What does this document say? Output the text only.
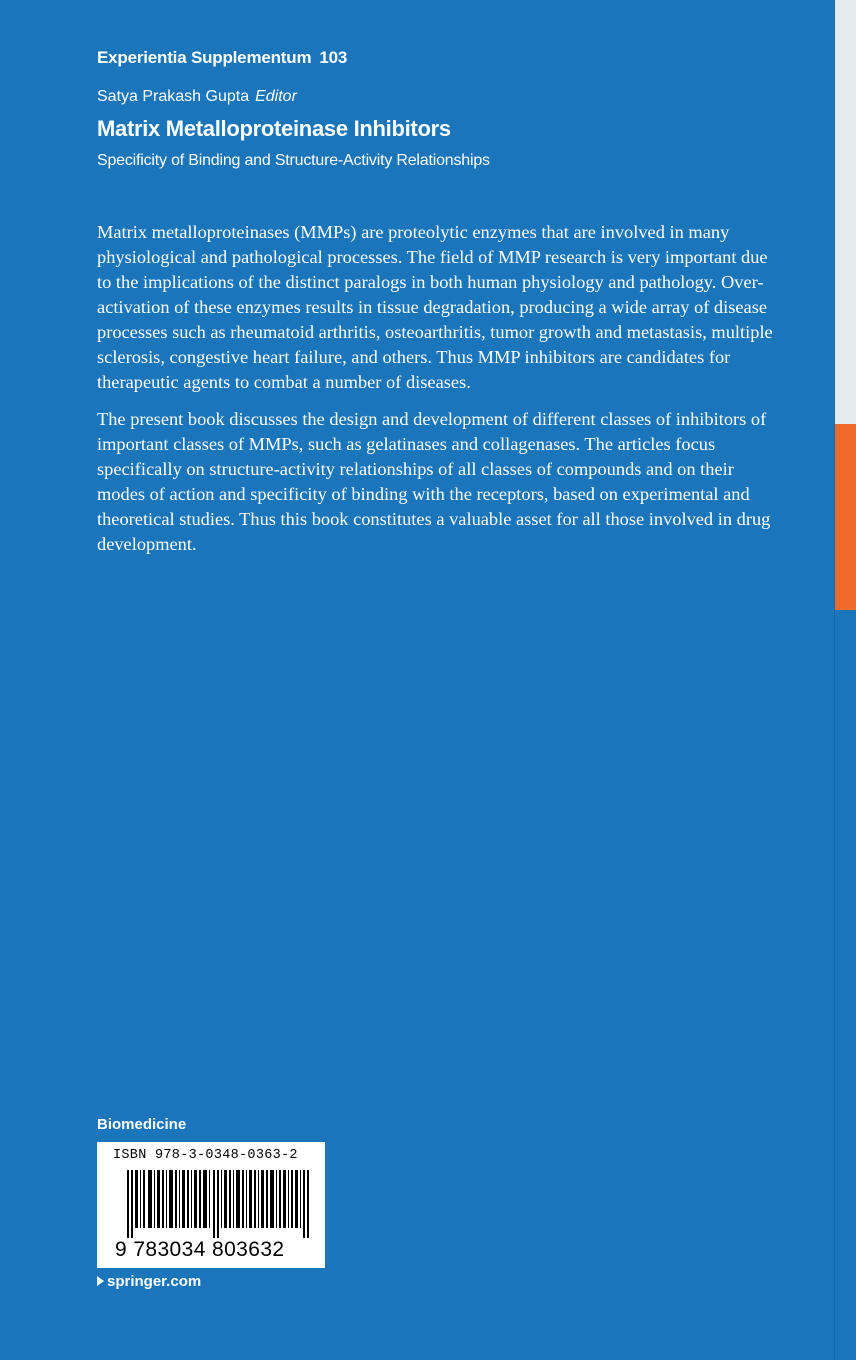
Experientia Supplementum 103
Satya Prakash Gupta Editor
Matrix Metalloproteinase Inhibitors
Specificity of Binding and Structure-Activity Relationships

Matrix metalloproteinases (MMPs) are proteolytic enzymes that are involved in many physiological and pathological processes. The field of MMP research is very important due to the implications of the distinct paralogs in both human physiology and pathology. Over-activation of these enzymes results in tissue degradation, producing a wide array of disease processes such as rheumatoid arthritis, osteoarthritis, tumor growth and metastasis, multiple sclerosis, congestive heart failure, and others. Thus MMP inhibitors are candidates for therapeutic agents to combat a number of diseases.

The present book discusses the design and development of different classes of inhibitors of important classes of MMPs, such as gelatinases and collagenases. The articles focus specifically on structure-activity relationships of all classes of compounds and on their modes of action and specificity of binding with the receptors, based on experimental and theoretical studies. Thus this book constitutes a valuable asset for all those involved in drug development.

Biomedicine
ISBN 978-3-0348-0363-2
9 783034 803632
springer.com
